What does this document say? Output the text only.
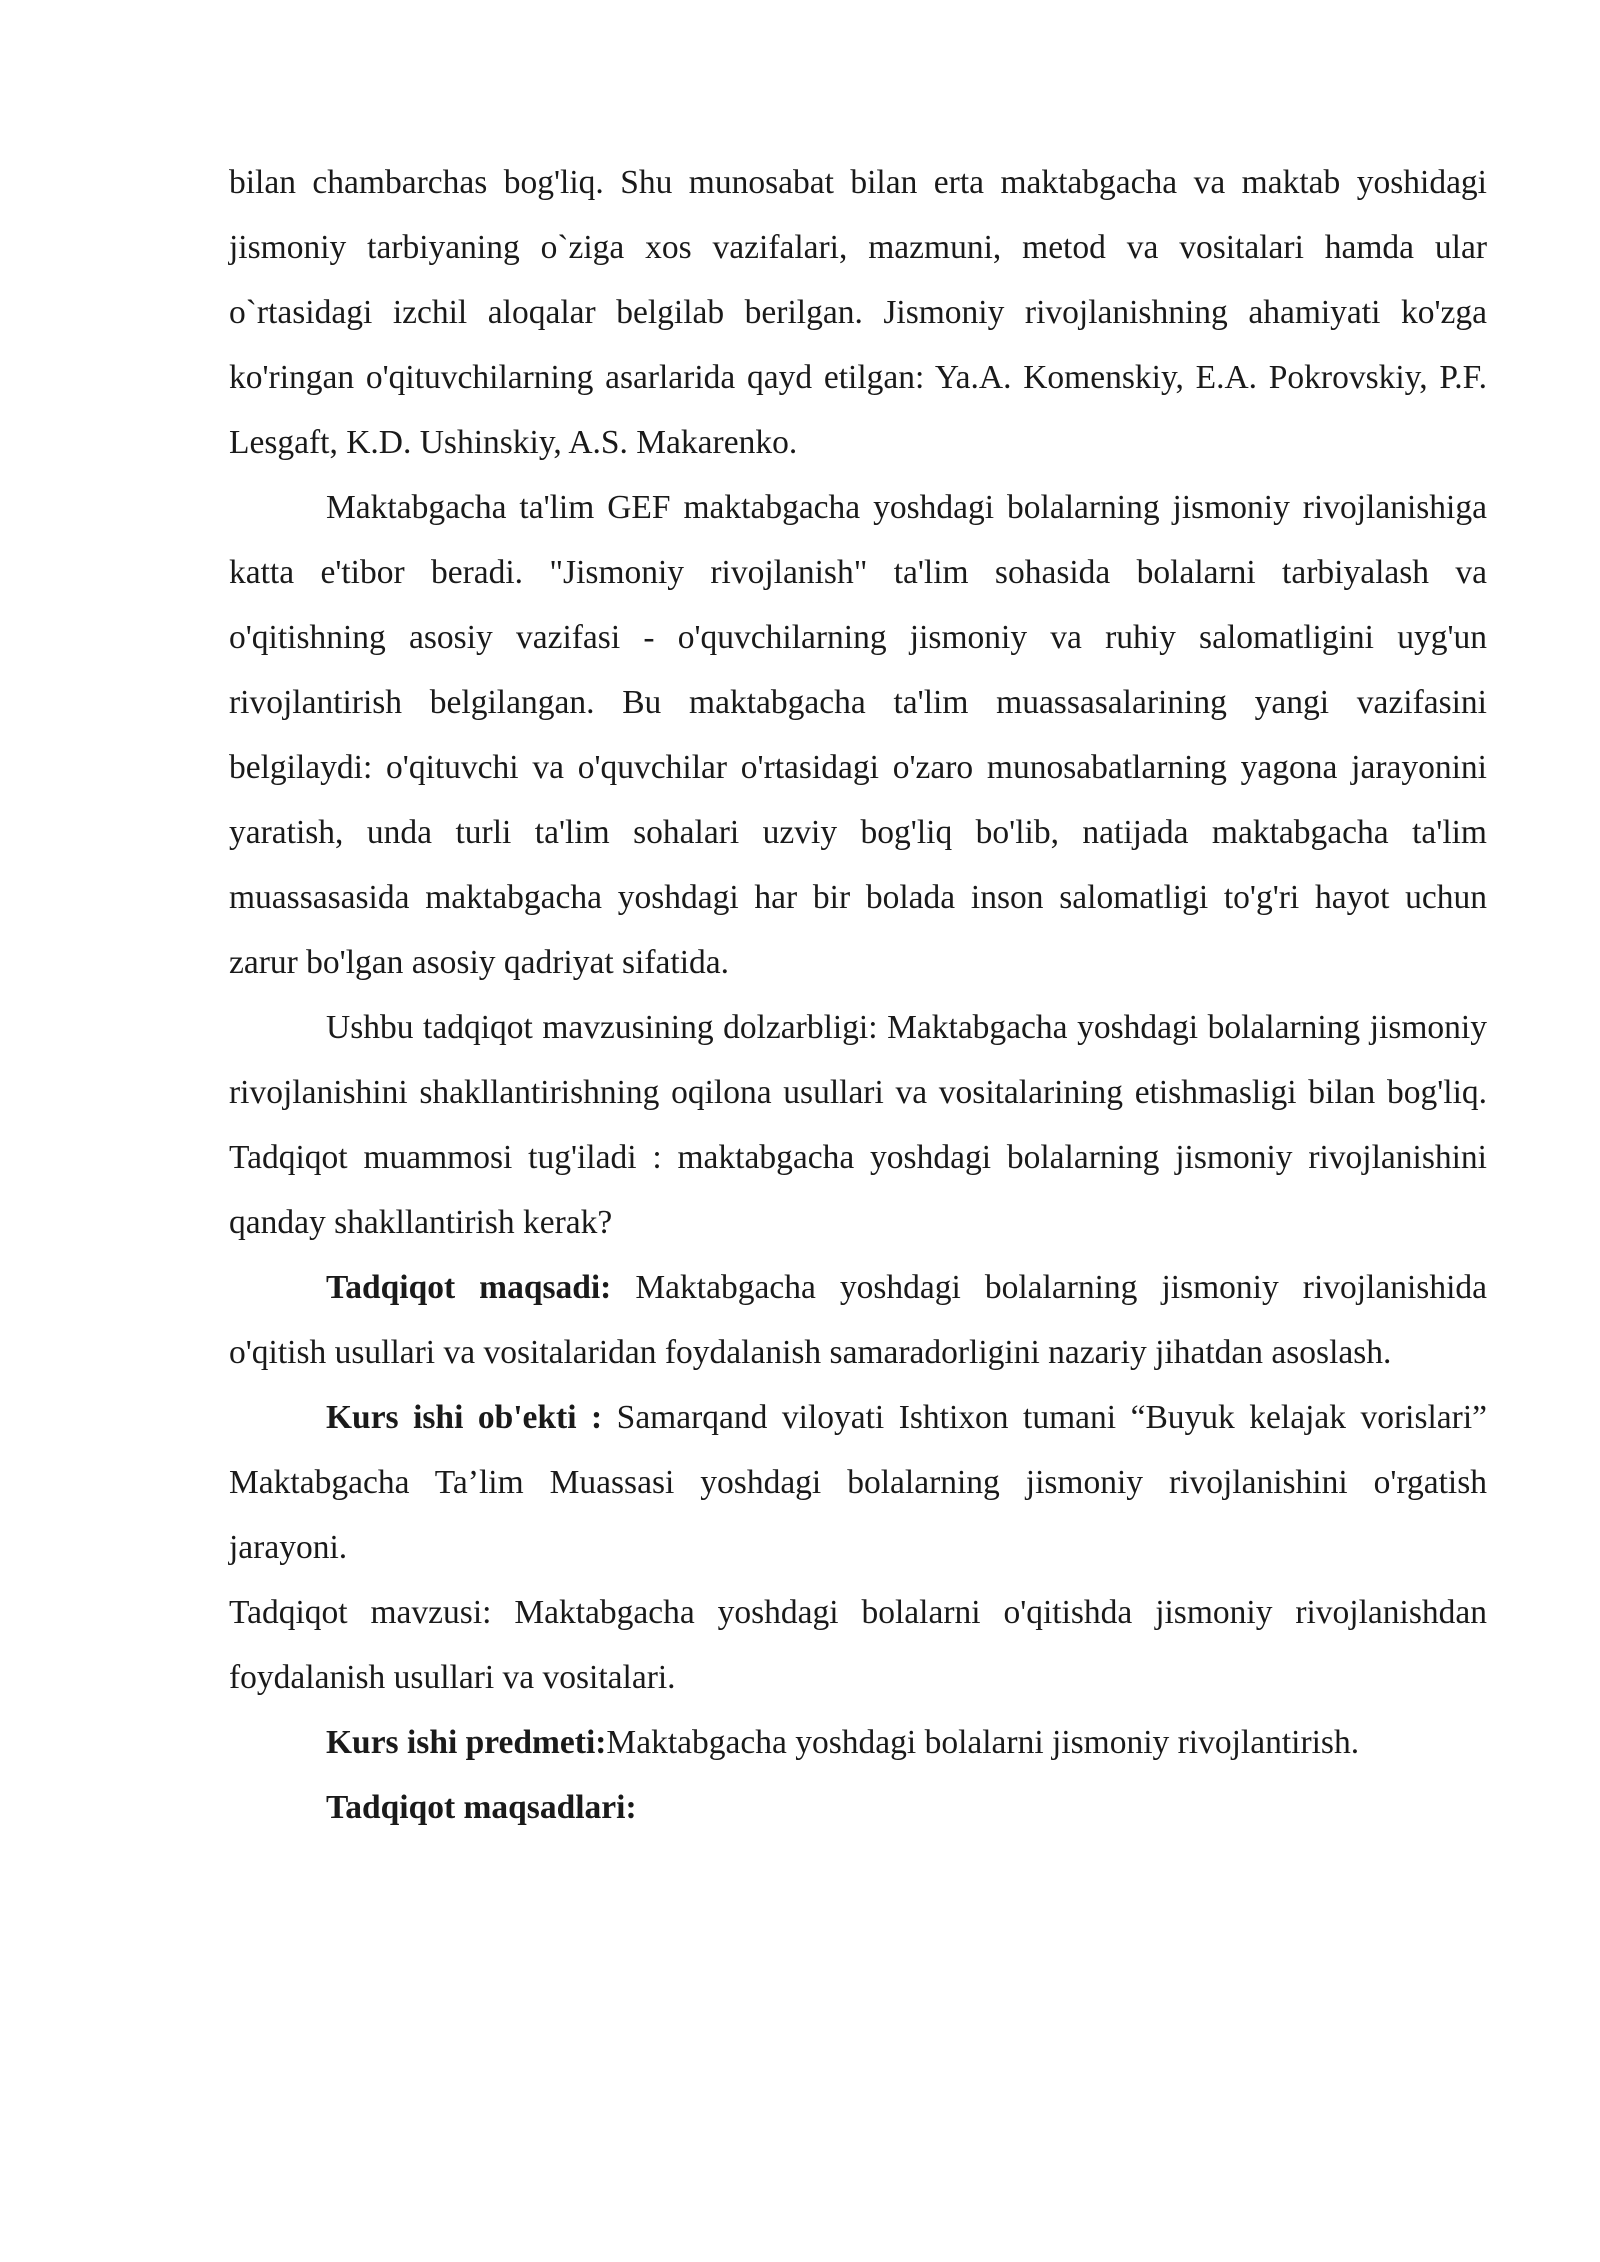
bilan chambarchas bog'liq. Shu munosabat bilan erta maktabgacha va maktab yoshidagi jismoniy tarbiyaning o`ziga xos vazifalari, mazmuni, metod va vositalari hamda ular o`rtasidagi izchil aloqalar belgilab berilgan. Jismoniy rivojlanishning ahamiyati ko'zga ko'ringan o'qituvchilarning asarlarida qayd etilgan: Ya.A. Komenskiy, E.A. Pokrovskiy, P.F. Lesgaft, K.D. Ushinskiy, A.S. Makarenko.

Maktabgacha ta'lim GEF maktabgacha yoshdagi bolalarning jismoniy rivojlanishiga katta e'tibor beradi. "Jismoniy rivojlanish" ta'lim sohasida bolalarni tarbiyalash va o'qitishning asosiy vazifasi - o'quvchilarning jismoniy va ruhiy salomatligini uyg'un rivojlantirish belgilangan. Bu maktabgacha ta'lim muassasalarining yangi vazifasini belgilaydi: o'qituvchi va o'quvchilar o'rtasidagi o'zaro munosabatlarning yagona jarayonini yaratish, unda turli ta'lim sohalari uzviy bog'liq bo'lib, natijada maktabgacha ta'lim muassasasida maktabgacha yoshdagi har bir bolada inson salomatligi to'g'ri hayot uchun zarur bo'lgan asosiy qadriyat sifatida.

Ushbu tadqiqot mavzusining dolzarbligi: Maktabgacha yoshdagi bolalarning jismoniy rivojlanishini shakllantirishning oqilona usullari va vositalarining etishmasligi bilan bog'liq. Tadqiqot muammosi tug'iladi : maktabgacha yoshdagi bolalarning jismoniy rivojlanishini qanday shakllantirish kerak?

Tadqiqot maqsadi: Maktabgacha yoshdagi bolalarning jismoniy rivojlanishida o'qitish usullari va vositalaridan foydalanish samaradorligini nazariy jihatdan asoslash.

Kurs ishi ob'ekti : Samarqand viloyati Ishtixon tumani “Buyuk kelajak vorislari” Maktabgacha Ta’lim Muassasi yoshdagi bolalarning jismoniy rivojlanishini o'rgatish jarayoni.

Tadqiqot mavzusi: Maktabgacha yoshdagi bolalarni o'qitishda jismoniy rivojlanishdan foydalanish usullari va vositalari.

Kurs ishi predmeti:Maktabgacha yoshdagi bolalarni jismoniy rivojlantirish.

Tadqiqot maqsadlari:
